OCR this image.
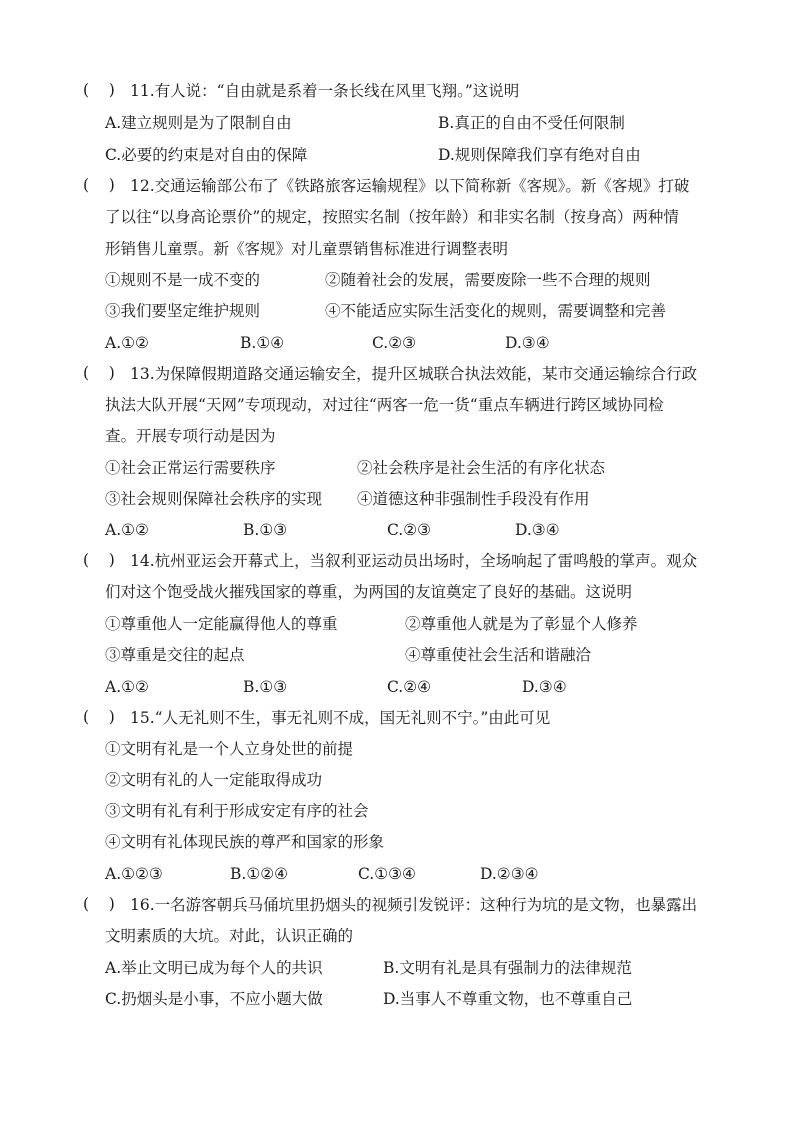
(    ) 11.有人说：“自由就是系着一条长线在风里飞翔。”这说明
A.建立规则是为了限制自由	B.真正的自由不受任何限制
C.必要的约束是对自由的保障	D.规则保障我们享有绝对自由
(    ) 12.交通运输部公布了《铁路旅客运输规程》以下简称新《客规》。新《客规》打破
了以往“以身高论票价”的规定，按照实名制（按年龄）和非实名制（按身高）两种情
形销售儿童票。新《客规》对儿童票销售标准进行调整表明
①规则不是一成不变的	②随着社会的发展，需要废除一些不合理的规则
③我们要坚定维护规则	④不能适应实际生活变化的规则，需要调整和完善
A.①②	B.①④	C.②③	D.③④
(    ) 13.为保障假期道路交通运输安全，提升区城联合执法效能，某市交通运输综合行政
执法大队开展“天网”专项现动，对过往“两客一危一货“重点车辆进行跨区域协同检
查。开展专项行动是因为
①社会正常运行需要秩序	②社会秩序是社会生活的有序化状态
③社会规则保障社会秩序的实现 ④道德这种非强制性手段没有作用
A.①②	B.①③	C.②③	D.③④
(    ) 14.杭州亚运会开幕式上，当叙利亚运动员出场时，全场响起了雷鸣般的掌声。观众
们对这个饱受战火摧残国家的尊重，为两国的友谊奠定了良好的基础。这说明
①尊重他人一定能赢得他人的尊重	②尊重他人就是为了彰显个人修养
③尊重是交往的起点	④尊重使社会生活和谐融洽
A.①②	B.①③	C.②④	D.③④
(    ) 15.“人无礼则不生，事无礼则不成，国无礼则不宁。”由此可见
①文明有礼是一个人立身处世的前提
②文明有礼的人一定能取得成功
③文明有礼有利于形成安定有序的社会
④文明有礼体现民族的尊严和国家的形象
A.①②③	B.①②④	C.①③④	D.②③④
(    ) 16.一名游客朝兵马俑坑里扔烟头的视频引发锐评：这种行为坑的是文物，也暴露出
文明素质的大坑。对此，认识正确的
A.举止文明已成为每个人的共识	B.文明有礼是具有强制力的法律规范
C.扔烟头是小事，不应小题大做	D.当事人不尊重文物，也不尊重自己
